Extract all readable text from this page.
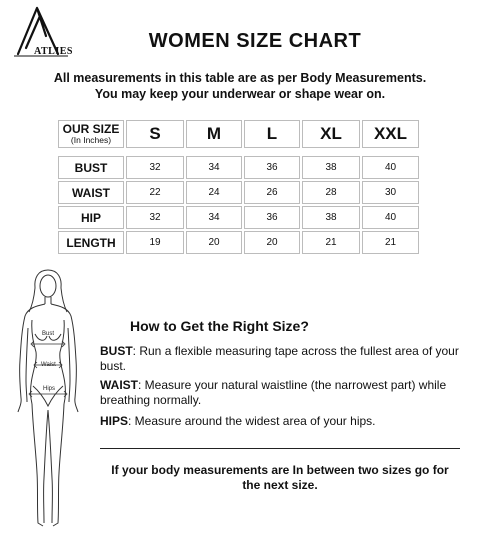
ATLIES	WOMEN SIZE CHART
All measurements in this table are as per Body Measurements.
You may keep your underwear or shape wear on.
OUR SIZE
(In Inches)	S	M	L	XL	XXL
BUST	32	34	36	38	40
WAIST	22	24	26	28	30
HIP	32	34	36	38	40
LENGTH	19	20	20	21	21
Bust
Waist
Hips
How to Get the Right Size?
BUST: Run a flexible measuring tape across the fullest area of your bust.
WAIST: Measure your natural waistline (the narrowest part) while breathing normally.
HIPS: Measure around the widest area of your hips.
If your body measurements are In between two sizes go for
the next size.
